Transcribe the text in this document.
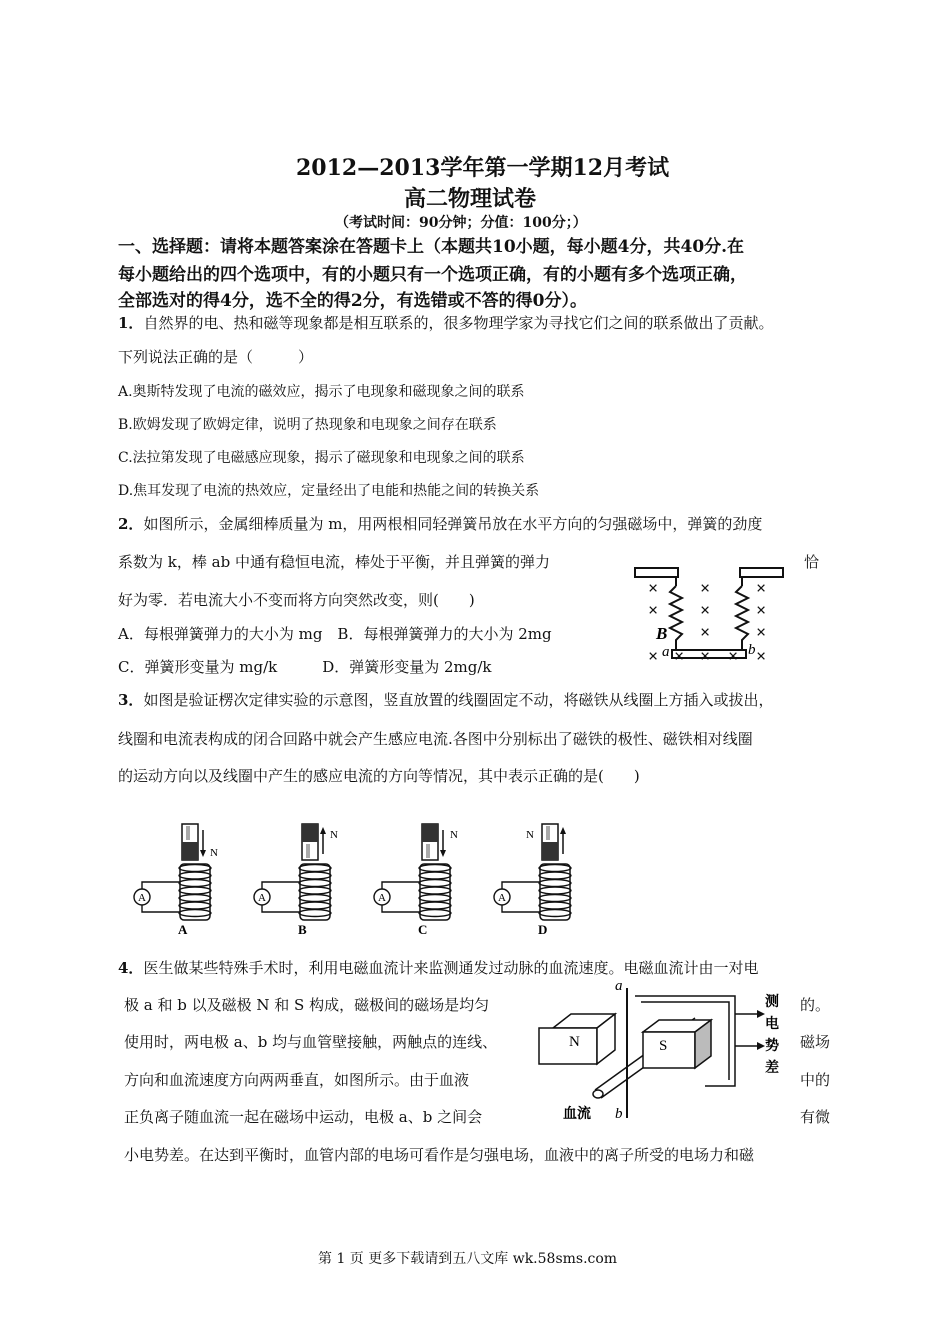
2012—2013学年第一学期12月考试
高二物理试卷
（考试时间：90分钟；分值：100分；）
一、选择题：请将本题答案涂在答题卡上（本题共10小题，每小题4分，共40分.在
每小题给出的四个选项中，有的小题只有一个选项正确，有的小题有多个选项正确，
全部选对的得4分，选不全的得2分，有选错或不答的得0分）。
1．自然界的电、热和磁等现象都是相互联系的，很多物理学家为寻找它们之间的联系做出了贡献。
下列说法正确的是（　　　）
A.奥斯特发现了电流的磁效应，揭示了电现象和磁现象之间的联系
B.欧姆发现了欧姆定律，说明了热现象和电现象之间存在联系
C.法拉第发现了电磁感应现象，揭示了磁现象和电现象之间的联系
D.焦耳发现了电流的热效应，定量经出了电能和热能之间的转换关系
2．如图所示，金属细棒质量为 m，用两根相同轻弹簧吊放在水平方向的匀强磁场中，弹簧的劲度
系数为 k，棒 ab 中通有稳恒电流，棒处于平衡，并且弹簧的弹力	恰
好为零．若电流大小不变而将方向突然改变，则(　　)
A．每根弹簧弹力的大小为 mg　B．每根弹簧弹力的大小为 2mg
C．弹簧形变量为 mg/k　　　D．弹簧形变量为 2mg/k
× ×	×
× ×	×
×	×
× × × × ×
B
a	b
3．如图是验证楞次定律实验的示意图，竖直放置的线圈固定不动，将磁铁从线圈上方插入或拔出，
线圈和电流表构成的闭合回路中就会产生感应电流.各图中分别标出了磁铁的极性、磁铁相对线圈
的运动方向以及线圈中产生的感应电流的方向等情况，其中表示正确的是(　　)
A
N
A
A
N
B
A
N
C
A
N
D
4．医生做某些特殊手术时，利用电磁血流计来监测通发过动脉的血流速度。电磁血流计由一对电
极 a 和 b 以及磁极 N 和 S 构成，磁极间的磁场是均匀	的。
使用时，两电极 a、b 均与血管壁接触，两触点的连线、	磁场
方向和血流速度方向两两垂直，如图所示。由于血液	中的
正负离子随血流一起在磁场中运动，电极 a、b 之间会	有微
小电势差。在达到平衡时，血管内部的电场可看作是匀强电场，血液中的离子所受的电场力和磁
a
b
N	S
血流
测
电
势
差
第 1 页 更多下载请到五八文库 wk.58sms.com
